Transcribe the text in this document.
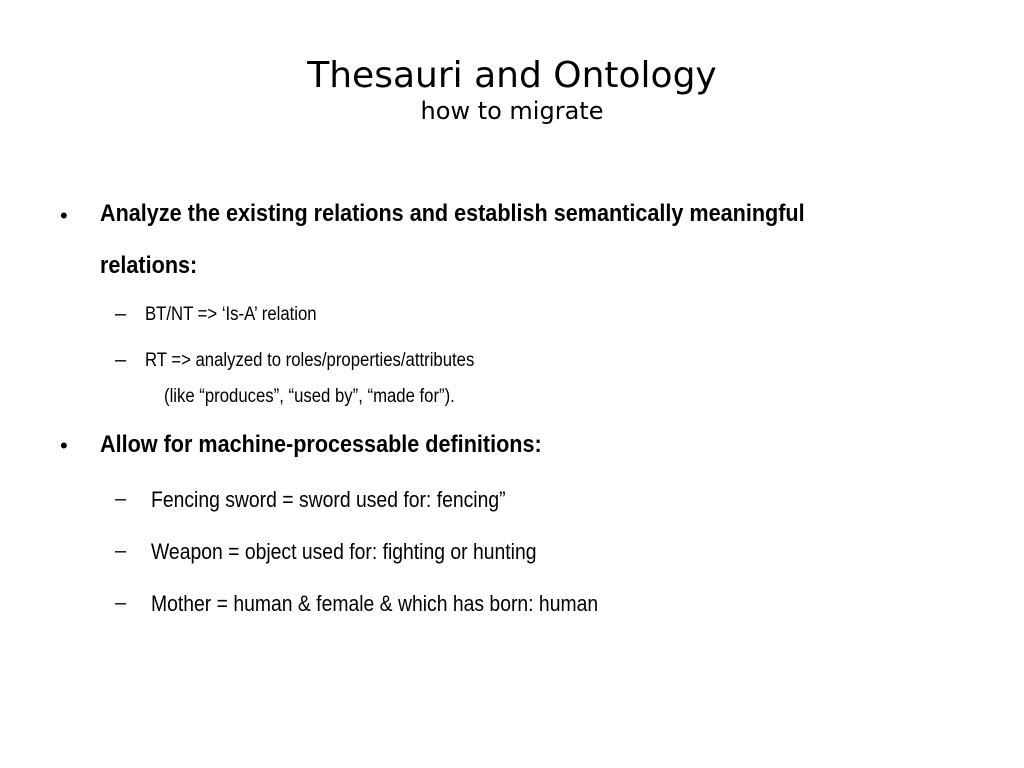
Thesauri and Ontology
how to migrate
• Analyze the existing relations and establish semantically meaningful
relations:
– BT/NT => ‘Is-A’ relation
– RT => analyzed to roles/properties/attributes
(like “produces”, “used by”, “made for”).
• Allow for machine-processable definitions:
– Fencing sword = sword used for: fencing”
– Weapon = object used for: fighting or hunting
– Mother = human & female & which has born: human
